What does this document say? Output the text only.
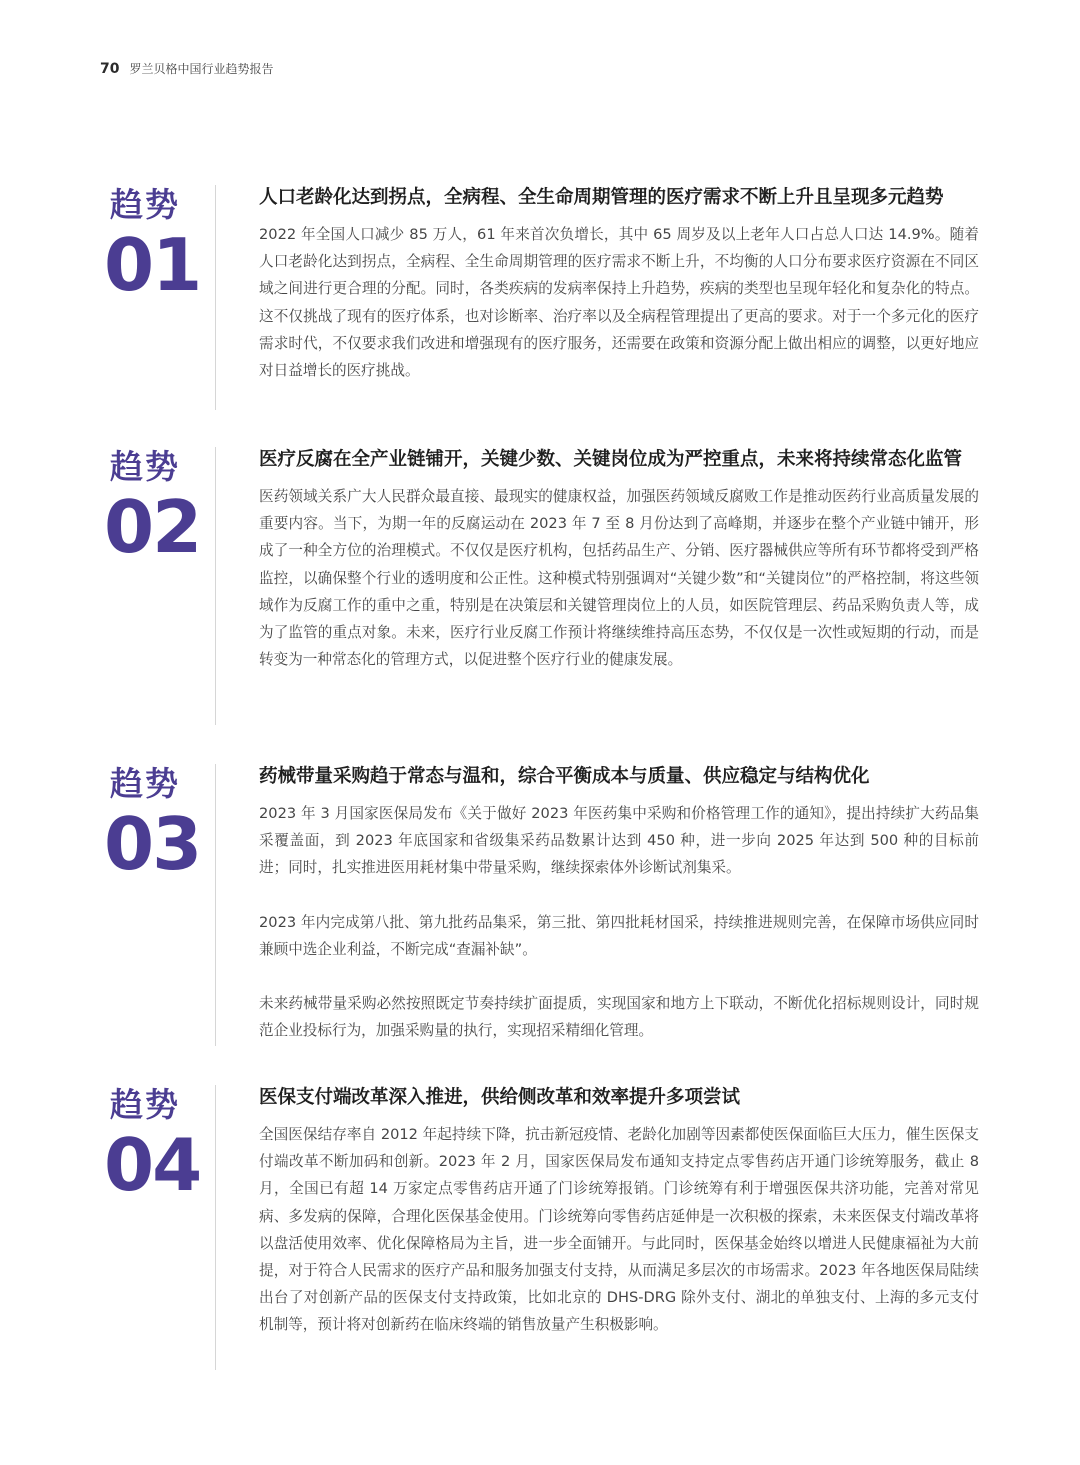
70 罗兰贝格中国行业趋势报告
趋势
01
人口老龄化达到拐点，全病程、全生命周期管理的医疗需求不断上升且呈现多元趋势

2022 年全国人口减少 85 万人，61 年来首次负增长，其中 65 周岁及以上老年人口占总人口达 14.9%。随着人口老龄化达到拐点，全病程、全生命周期管理的医疗需求不断上升，不均衡的人口分布要求医疗资源在不同区域之间进行更合理的分配。同时，各类疾病的发病率保持上升趋势，疾病的类型也呈现年轻化和复杂化的特点。这不仅挑战了现有的医疗体系，也对诊断率、治疗率以及全病程管理提出了更高的要求。对于一个多元化的医疗需求时代，不仅要求我们改进和增强现有的医疗服务，还需要在政策和资源分配上做出相应的调整，以更好地应对日益增长的医疗挑战。

趋势
02
医疗反腐在全产业链铺开，关键少数、关键岗位成为严控重点，未来将持续常态化监管

医药领域关系广大人民群众最直接、最现实的健康权益，加强医药领域反腐败工作是推动医药行业高质量发展的重要内容。当下，为期一年的反腐运动在 2023 年 7 至 8 月份达到了高峰期，并逐步在整个产业链中铺开，形成了一种全方位的治理模式。不仅仅是医疗机构，包括药品生产、分销、医疗器械供应等所有环节都将受到严格监控，以确保整个行业的透明度和公正性。这种模式特别强调对“关键少数”和“关键岗位”的严格控制，将这些领域作为反腐工作的重中之重，特别是在决策层和关键管理岗位上的人员，如医院管理层、药品采购负责人等，成为了监管的重点对象。未来，医疗行业反腐工作预计将继续维持高压态势，不仅仅是一次性或短期的行动，而是转变为一种常态化的管理方式，以促进整个医疗行业的健康发展。

趋势
03
药械带量采购趋于常态与温和，综合平衡成本与质量、供应稳定与结构优化

2023 年 3 月国家医保局发布《关于做好 2023 年医药集中采购和价格管理工作的通知》，提出持续扩大药品集采覆盖面，到 2023 年底国家和省级集采药品数累计达到 450 种，进一步向 2025 年达到 500 种的目标前进；同时，扎实推进医用耗材集中带量采购，继续探索体外诊断试剂集采。

2023 年内完成第八批、第九批药品集采，第三批、第四批耗材国采，持续推进规则完善，在保障市场供应同时兼顾中选企业利益，不断完成“查漏补缺”。

未来药械带量采购必然按照既定节奏持续扩面提质，实现国家和地方上下联动，不断优化招标规则设计，同时规范企业投标行为，加强采购量的执行，实现招采精细化管理。

趋势
04
医保支付端改革深入推进，供给侧改革和效率提升多项尝试

全国医保结存率自 2012 年起持续下降，抗击新冠疫情、老龄化加剧等因素都使医保面临巨大压力，催生医保支付端改革不断加码和创新。2023 年 2 月，国家医保局发布通知支持定点零售药店开通门诊统筹服务，截止 8 月，全国已有超 14 万家定点零售药店开通了门诊统筹报销。门诊统筹有利于增强医保共济功能，完善对常见病、多发病的保障，合理化医保基金使用。门诊统筹向零售药店延伸是一次积极的探索，未来医保支付端改革将以盘活使用效率、优化保障格局为主旨，进一步全面铺开。与此同时，医保基金始终以增进人民健康福祉为大前提，对于符合人民需求的医疗产品和服务加强支付支持，从而满足多层次的市场需求。2023 年各地医保局陆续出台了对创新产品的医保支付支持政策，比如北京的 DHS-DRG 除外支付、湖北的单独支付、上海的多元支付机制等，预计将对创新药在临床终端的销售放量产生积极影响。
